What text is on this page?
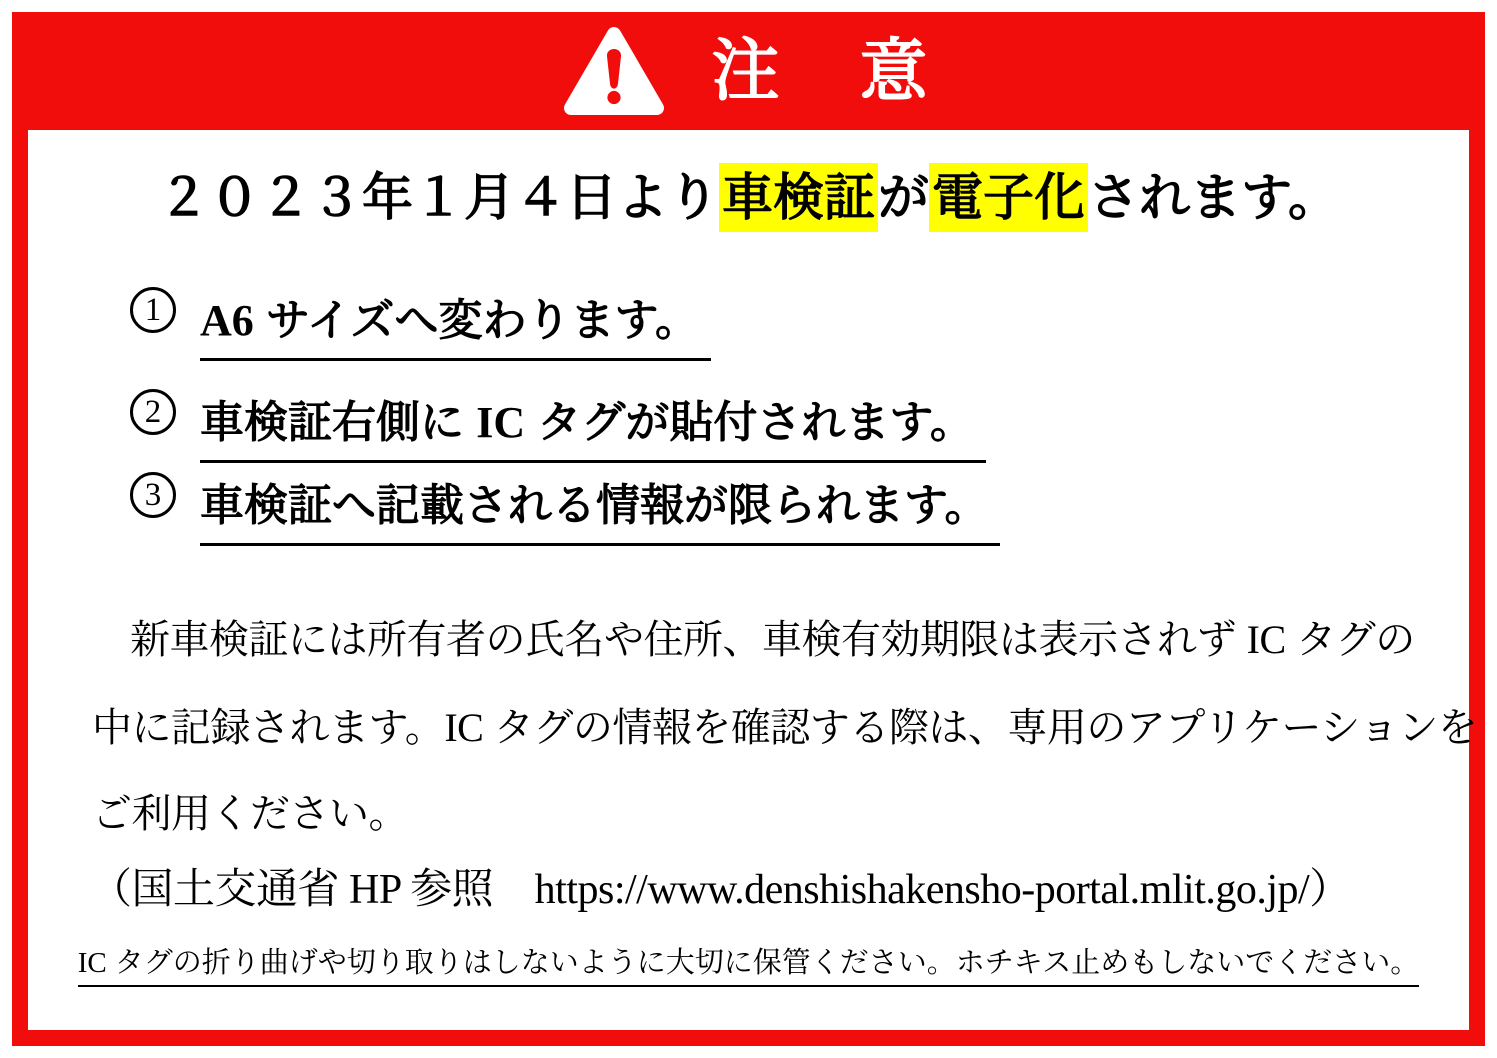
注　意
２０２３年１月４日より車検証が電子化されます。
1 A6 サイズへ変わります。
2 車検証右側に IC タグが貼付されます。
3 車検証へ記載される情報が限られます。
新車検証には所有者の氏名や住所、車検有効期限は表示されず IC タグの
中に記録されます。IC タグの情報を確認する際は、専用のアプリケーションを
ご利用ください。
（国土交通省 HP 参照　https://www.denshishakensho-portal.mlit.go.jp/）
IC タグの折り曲げや切り取りはしないように大切に保管ください。ホチキス止めもしないでください。
